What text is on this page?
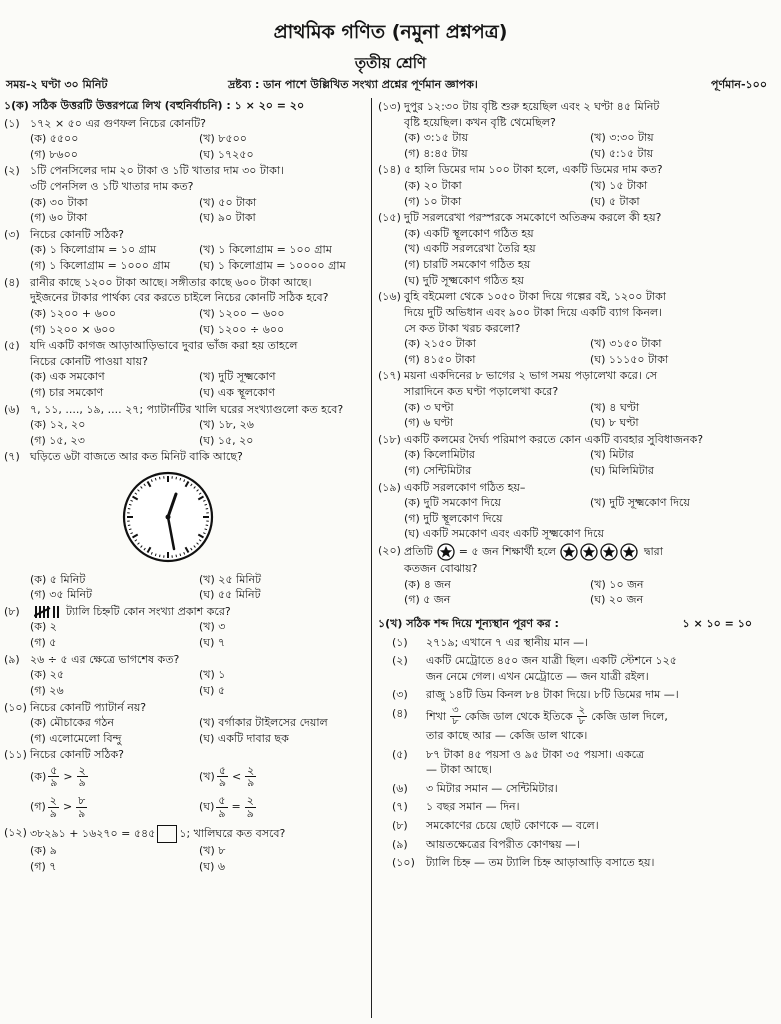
প্রাথমিক গণিত (নমুনা প্রশ্নপত্র)
তৃতীয় শ্রেণি
সময়-২ ঘণ্টা ৩০ মিনিট	দ্রষ্টব্য : ডান পাশে উল্লিখিত সংখ্যা প্রশ্নের পূর্ণমান জ্ঞাপক।	পূর্ণমান-১০০
১(ক) সঠিক উত্তরটি উত্তরপত্রে লিখ (বহুনির্বাচনি) : ১ × ২০ = ২০
(১) ১৭২ × ৫০ এর গুণফল নিচের কোনটি?
(ক) ৫৫০০	(খ) ৮৫০০
(গ) ৮৬০০	(ঘ) ১৭২৫০
(২) ১টি পেনসিলের দাম ২০ টাকা ও ১টি খাতার দাম ৩০ টাকা।
৩টি পেনসিল ও ১টি খাতার দাম কত?
(ক) ৩০ টাকা	(খ) ৫০ টাকা
(গ) ৬০ টাকা	(ঘ) ৯০ টাকা
(৩) নিচের কোনটি সঠিক?
(ক) ১ কিলোগ্রাম = ১০ গ্রাম	(খ) ১ কিলোগ্রাম = ১০০ গ্রাম
(গ) ১ কিলোগ্রাম = ১০০০ গ্রাম	(ঘ) ১ কিলোগ্রাম = ১০০০০ গ্রাম
(৪) রানীর কাছে ১২০০ টাকা আছে। সঙ্গীতার কাছে ৬০০ টাকা আছে।
দুইজনের টাকার পার্থক্য বের করতে চাইলে নিচের কোনটি সঠিক হবে?
(ক) ১২০০ + ৬০০	(খ) ১২০০ − ৬০০
(গ) ১২০০ × ৬০০	(ঘ) ১২০০ ÷ ৬০০
(৫) যদি একটি কাগজ আড়াআড়িভাবে দুবার ভাঁজ করা হয় তাহলে
নিচের কোনটি পাওয়া যায়?
(ক) এক সমকোণ	(খ) দুটি সূক্ষ্মকোণ
(গ) চার সমকোণ	(ঘ) এক স্থূলকোণ
(৬) ৭, ১১, ...., ১৯, .... ২৭; প্যাটার্নটির খালি ঘরের সংখ্যাগুলো কত হবে?
(ক) ১২, ২০	(খ) ১৮, ২৬
(গ) ১৫, ২৩	(ঘ) ১৫, ২০
(৭) ঘড়িতে ৬টা বাজতে আর কত মিনিট বাকি আছে?
(ক) ৫ মিনিট	(খ) ২৫ মিনিট
(গ) ৩৫ মিনিট	(ঘ) ৫৫ মিনিট
(৮)	ট্যালি চিহ্নটি কোন সংখ্যা প্রকাশ করে?
(ক) ২	(খ) ৩
(গ) ৫	(ঘ) ৭
(৯) ২৬ ÷ ৫ এর ক্ষেত্রে ভাগশেষ কত?
(ক) ২৫	(খ) ১
(গ) ২৬	(ঘ) ৫
(১০) নিচের কোনটি প্যাটার্ন নয়?
(ক) মৌচাকের গঠন	(খ) বর্গাকার টাইলসের দেয়াল
(গ) এলোমেলো বিন্দু	(ঘ) একটি দাবার ছক
(১১) নিচের কোনটি সঠিক?
(ক) $\frac{৫}{৯} > \frac{২}{৯}$	(খ) $\frac{৫}{৯} < \frac{২}{৯}$
(গ) $\frac{২}{৯} > \frac{৮}{৯}$	(ঘ) $\frac{৫}{৯} = \frac{২}{৯}$
(১২) ৩৮২৯১ + ১৬২৭০ = ৫৪৫ ১; খালিঘরে কত বসবে?
(ক) ৯	(খ) ৮
(গ) ৭	(ঘ) ৬
(১৩) দুপুর ১২:৩০ টায় বৃষ্টি শুরু হয়েছিল এবং ২ ঘণ্টা ৪৫ মিনিট
বৃষ্টি হয়েছিল। কখন বৃষ্টি থেমেছিল?
(ক) ৩:১৫ টায়	(খ) ৩:৩০ টায়
(গ) ৪:৪৫ টায়	(ঘ) ৫:১৫ টায়
(১৪) ৫ হালি ডিমের দাম ১০০ টাকা হলে, একটি ডিমের দাম কত?
(ক) ২০ টাকা	(খ) ১৫ টাকা
(গ) ১০ টাকা	(ঘ) ৫ টাকা
(১৫) দুটি সরলরেখা পরস্পরকে সমকোণে অতিক্রম করলে কী হয়?
(ক) একটি স্থূলকোণ গঠিত হয়
(খ) একটি সরলরেখা তৈরি হয়
(গ) চারটি সমকোণ গঠিত হয়
(ঘ) দুটি সূক্ষ্মকোণ গঠিত হয়
(১৬) বুহি বইমেলা থেকে ১০৫০ টাকা দিয়ে গল্পের বই, ১২০০ টাকা
দিয়ে দুটি অভিধান এবং ৯০০ টাকা দিয়ে একটি ব্যাগ কিনল।
সে কত টাকা খরচ করলো?
(ক) ২১৫০ টাকা	(খ) ৩১৫০ টাকা
(গ) ৪১৫০ টাকা	(ঘ) ১১১৫০ টাকা
(১৭) ময়না একদিনের ৮ ভাগের ২ ভাগ সময় পড়ালেখা করে। সে
সারাদিনে কত ঘণ্টা পড়ালেখা করে?
(ক) ৩ ঘণ্টা	(খ) ৪ ঘণ্টা
(গ) ৬ ঘণ্টা	(ঘ) ৮ ঘণ্টা
(১৮) একটি কলমের দৈর্ঘ্য পরিমাপ করতে কোন একটি ব্যবহার সুবিধাজনক?
(ক) কিলোমিটার	(খ) মিটার
(গ) সেন্টিমিটার	(ঘ) মিলিমিটার
(১৯) একটি সরলকোণ গঠিত হয়–
(ক) দুটি সমকোণ দিয়ে	(খ) দুটি সূক্ষ্মকোণ দিয়ে
(গ) দুটি স্থূলকোণ দিয়ে
(ঘ) একটি সমকোণ এবং একটি সূক্ষ্মকোণ দিয়ে
(২০) প্রতিটি = ৫ জন শিক্ষার্থী হলে	দ্বারা
কতজন বোঝায়?
(ক) ৪ জন	(খ) ১০ জন
(গ) ৫ জন	(ঘ) ২০ জন
১(খ) সঠিক শব্দ দিয়ে শূন্যস্থান পূরণ কর :	১ × ১০ = ১০
(১)	২৭১৯; এখানে ৭ এর স্থানীয় মান —।
(২)	একটি মেট্রোতে ৪৫০ জন যাত্রী ছিল। একটি স্টেশনে ১২৫
জন নেমে গেল। এখন মেট্রোতে — জন যাত্রী রইল।
(৩)	রাজু ১৪টি ডিম কিনল ৮৪ টাকা দিয়ে। ৮টি ডিমের দাম —।
(৪)	শিখা $\frac{৩}{৮}$ কেজি ডাল থেকে ইতিকে $\frac{২}{৮}$ কেজি ডাল দিলে,
তার কাছে আর — কেজি ডাল থাকে।
(৫)	৮৭ টাকা ৪৫ পয়সা ও ৯৫ টাকা ৩৫ পয়সা। একত্রে
— টাকা আছে।
(৬)	৩ মিটার সমান — সেন্টিমিটার।
(৭)	১ বছর সমান — দিন।
(৮)	সমকোণের চেয়ে ছোট কোণকে — বলে।
(৯)	আয়তক্ষেত্রের বিপরীত কোণদ্বয় —।
(১০)	ট্যালি চিহ্ন — তম ট্যালি চিহ্ন আড়াআড়ি বসাতে হয়।
